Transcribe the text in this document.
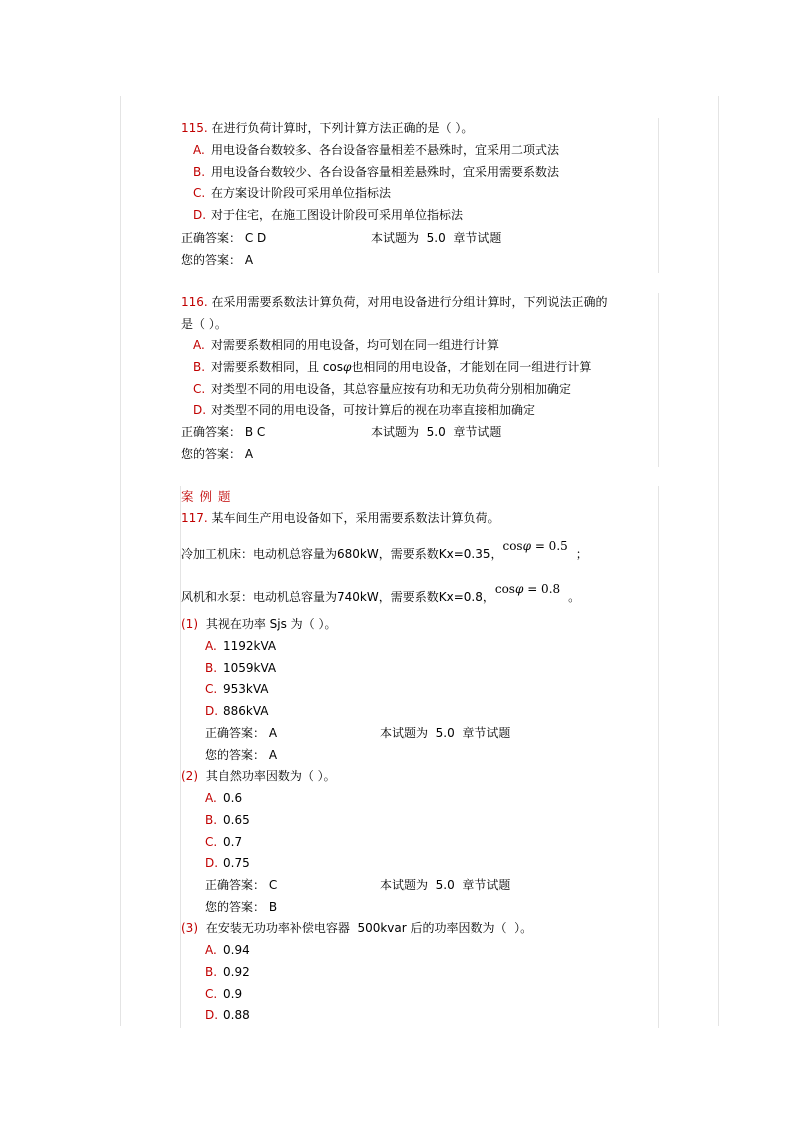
115. 在进行负荷计算时，下列计算方法正确的是（ ）。
A. 用电设备台数较多、各台设备容量相差不悬殊时，宜采用二项式法
B. 用电设备台数较少、各台设备容量相差悬殊时，宜采用需要系数法
C. 在方案设计阶段可采用单位指标法
D. 对于住宅，在施工图设计阶段可采用单位指标法
正确答案： C D	本试题为  5.0  章节试题
您的答案： A
116. 在采用需要系数法计算负荷，对用电设备进行分组计算时，下列说法正确的
是（ ）。
A. 对需要系数相同的用电设备，均可划在同一组进行计算
B. 对需要系数相同，且 cosφ也相同的用电设备，才能划在同一组进行计算
C. 对类型不同的用电设备，其总容量应按有功和无功负荷分别相加确定
D. 对类型不同的用电设备，可按计算后的视在功率直接相加确定
正确答案： B C	本试题为  5.0  章节试题
您的答案： A
案例题
117. 某车间生产用电设备如下，采用需要系数法计算负荷。
冷加工机床：电动机总容量为680kW，需要系数Kx=0.35，cosφ = 0.5；
风机和水泵：电动机总容量为740kW，需要系数Kx=0.8，cosφ = 0.8。
(1) 其视在功率 Sjs 为（ ）。
A. 1192kVA
B. 1059kVA
C. 953kVA
D. 886kVA
正确答案： A	本试题为  5.0  章节试题
您的答案： A
(2) 其自然功率因数为（ ）。
A. 0.6
B. 0.65
C. 0.7
D. 0.75
正确答案： C	本试题为  5.0  章节试题
您的答案： B
(3) 在安装无功功率补偿电容器  500kvar 后的功率因数为（  ）。
A. 0.94
B. 0.92
C. 0.9
D. 0.88
